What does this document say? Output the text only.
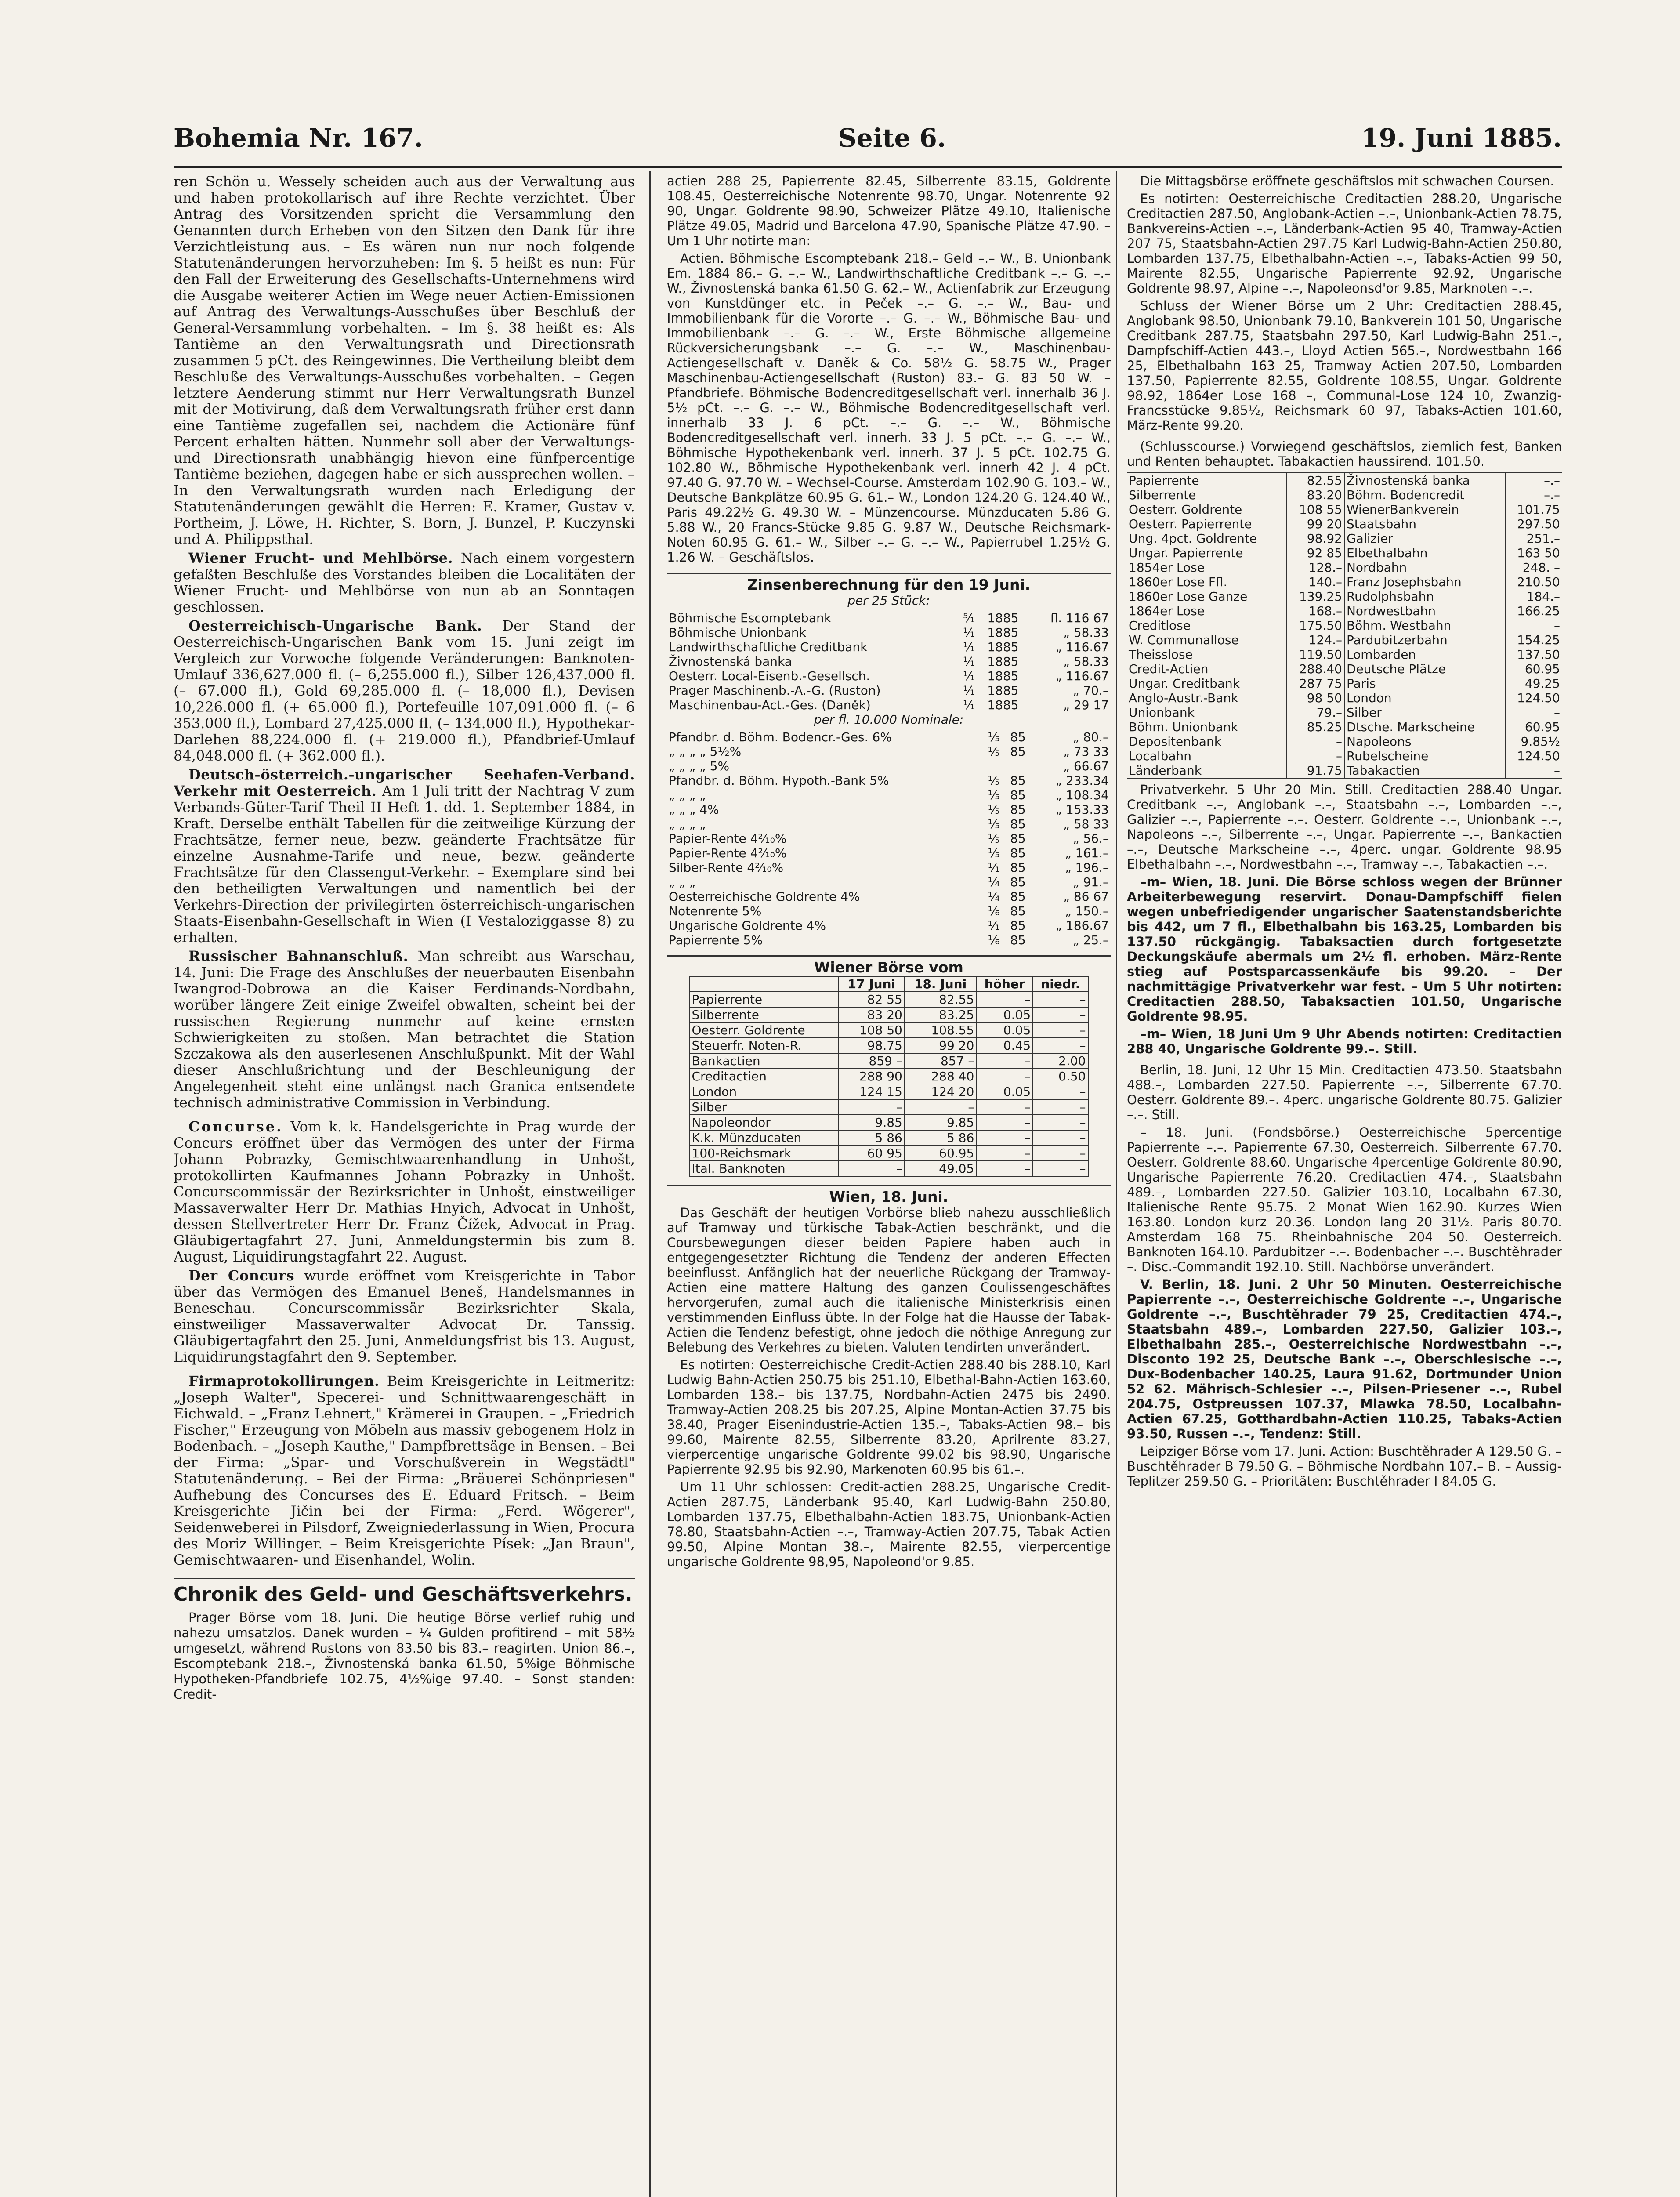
Bohemia Nr. 167.	Seite 6.	19. Juni 1885.

ren Schön u. Wessely scheiden auch aus der Verwaltung aus und haben protokollarisch auf ihre Rechte verzichtet. Über Antrag des Vorsitzenden spricht die Versammlung den Genannten durch Erheben von den Sitzen den Dank für ihre Verzichtleistung aus. – Es wären nun nur noch folgende Statutenänderungen hervorzuheben: Im §. 5 heißt es nun: Für den Fall der Erweiterung des Gesellschafts-Unternehmens wird die Ausgabe weiterer Actien im Wege neuer Actien-Emissionen auf Antrag des Verwaltungs-Ausschußes über Beschluß der General-Versammlung vorbehalten. – Im §. 38 heißt es: Als Tantième an den Verwaltungsrath und Directionsrath zusammen 5 pCt. des Reingewinnes. Die Vertheilung bleibt dem Beschluße des Verwaltungs-Ausschußes vorbehalten. – Gegen letztere Aenderung stimmt nur Herr Verwaltungsrath Bunzel mit der Motivirung, daß dem Verwaltungsrath früher erst dann eine Tantième zugefallen sei, nachdem die Actionäre fünf Percent erhalten hätten. Nunmehr soll aber der Verwaltungs- und Directionsrath unabhängig hievon eine fünfpercentige Tantième beziehen, dagegen habe er sich aussprechen wollen. – In den Verwaltungsrath wurden nach Erledigung der Statutenänderungen gewählt die Herren: E. Kramer, Gustav v. Portheim, J. Löwe, H. Richter, S. Born, J. Bunzel, P. Kuczynski und A. Philippsthal.

Wiener Frucht- und Mehlbörse. Nach einem vorgestern gefaßten Beschluße des Vorstandes bleiben die Localitäten der Wiener Frucht- und Mehlbörse von nun ab an Sonntagen geschlossen.

Oesterreichisch-Ungarische Bank. Der Stand der Oesterreichisch-Ungarischen Bank vom 15. Juni zeigt im Vergleich zur Vorwoche folgende Veränderungen: Banknoten-Umlauf 336,627.000 fl. (– 6,255.000 fl.), Silber 126,437.000 fl. (– 67.000 fl.), Gold 69,285.000 fl. (– 18,000 fl.), Devisen 10,226.000 fl. (+ 65.000 fl.), Portefeuille 107,091.000 fl. (– 6 353.000 fl.), Lombard 27,425.000 fl. (– 134.000 fl.), Hypothekar-Darlehen 88,224.000 fl. (+ 219.000 fl.), Pfandbrief-Umlauf 84,048.000 fl. (+ 362.000 fl.).

Deutsch-österreich.-ungarischer Seehafen-Verband. Verkehr mit Oesterreich. Am 1 Juli tritt der Nachtrag V zum Verbands-Güter-Tarif Theil II Heft 1. dd. 1. September 1884, in Kraft. Derselbe enthält Tabellen für die zeitweilige Kürzung der Frachtsätze, ferner neue, bezw. geänderte Frachtsätze für einzelne Ausnahme-Tarife und neue, bezw. geänderte Frachtsätze für den Classengut-Verkehr. – Exemplare sind bei den betheiligten Verwaltungen und namentlich bei der Verkehrs-Direction der privilegirten österreichisch-ungarischen Staats-Eisenbahn-Gesellschaft in Wien (I Vestaloziggasse 8) zu erhalten.

Russischer Bahnanschluß. Man schreibt aus Warschau, 14. Juni: Die Frage des Anschlußes der neuerbauten Eisenbahn Iwangrod-Dobrowa an die Kaiser Ferdinands-Nordbahn, worüber längere Zeit einige Zweifel obwalten, scheint bei der russischen Regierung nunmehr auf keine ernsten Schwierigkeiten zu stoßen. Man betrachtet die Station Szczakowa als den auserlesenen Anschlußpunkt. Mit der Wahl dieser Anschlußrichtung und der Beschleunigung der Angelegenheit steht eine unlängst nach Granica entsendete technisch administrative Commission in Verbindung.

Concurse. Vom k. k. Handelsgerichte in Prag wurde der Concurs eröffnet über das Vermögen des unter der Firma Johann Pobrazky, Gemischtwaarenhandlung in Unhošt, protokollirten Kaufmannes Johann Pobrazky in Unhošt. Concurscommissär der Bezirksrichter in Unhošt, einstweiliger Massaverwalter Herr Dr. Mathias Hnyich, Advocat in Unhošt, dessen Stellvertreter Herr Dr. Franz Čížek, Advocat in Prag. Gläubigertagfahrt 27. Juni, Anmeldungstermin bis zum 8. August, Liquidirungstagfahrt 22. August.

Der Concurs wurde eröffnet vom Kreisgerichte in Tabor über das Vermögen des Emanuel Beneš, Handelsmannes in Beneschau. Concurscommissär Bezirksrichter Skala, einstweiliger Massaverwalter Advocat Dr. Tanssig. Gläubigertagfahrt den 25. Juni, Anmeldungsfrist bis 13. August, Liquidirungstagfahrt den 9. September.

Firmaprotokollirungen. Beim Kreisgerichte in Leitmeritz: „Joseph Walter", Specerei- und Schnittwaarengeschäft in Eichwald. – „Franz Lehnert," Krämerei in Graupen. – „Friedrich Fischer," Erzeugung von Möbeln aus massiv gebogenem Holz in Bodenbach. – „Joseph Kauthe," Dampfbrettsäge in Bensen. – Bei der Firma: „Spar- und Vorschußverein in Wegstädtl" Statutenänderung. – Bei der Firma: „Bräuerei Schönpriesen" Aufhebung des Concurses des E. Eduard Fritsch. – Beim Kreisgerichte Jičin bei der Firma: „Ferd. Wögerer", Seidenweberei in Pilsdorf, Zweigniederlassung in Wien, Procura des Moriz Willinger. – Beim Kreisgerichte Písek: „Jan Braun", Gemischtwaaren- und Eisenhandel, Wolin.

Chronik des Geld- und Geschäftsverkehrs.

Prager Börse vom 18. Juni. Die heutige Börse verlief ruhig und nahezu umsatzlos. Danek wurden – ¼ Gulden profitirend – mit 58½ umgesetzt, während Rustons von 83.50 bis 83.– reagirten. Union 86.–, Escomptebank 218.–, Živnostenská banka 61.50, 5%ige Böhmische Hypotheken-Pfandbriefe 102.75, 4½%ige 97.40. – Sonst standen: Credit-

actien 288 25, Papierrente 82.45, Silberrente 83.15, Goldrente 108.45, Oesterreichische Notenrente 98.70, Ungar. Notenrente 92 90, Ungar. Goldrente 98.90, Schweizer Plätze 49.10, Italienische Plätze 49.05, Madrid und Barcelona 47.90, Spanische Plätze 47.90. – Um 1 Uhr notirte man:

Actien. Böhmische Escomptebank 218.– Geld –.– W., B. Unionbank Em. 1884 86.– G. –.– W., Landwirthschaftliche Creditbank –.– G. –.– W., Živnostenská banka 61.50 G. 62.– W., Actienfabrik zur Erzeugung von Kunstdünger etc. in Peček –.– G. –.– W., Bau- und Immobilienbank für die Vororte –.– G. –.– W., Böhmische Bau- und Immobilienbank –.– G. –.– W., Erste Böhmische allgemeine Rückversicherungsbank –.– G. –.– W., Maschinenbau-Actiengesellschaft v. Daněk & Co. 58½ G. 58.75 W., Prager Maschinenbau-Actiengesellschaft (Ruston) 83.– G. 83 50 W. – Pfandbriefe. Böhmische Bodencreditgesellschaft verl. innerhalb 36 J. 5½ pCt. –.– G. –.– W., Böhmische Bodencreditgesellschaft verl. innerhalb 33 J. 6 pCt. –.– G. –.– W., Böhmische Bodencreditgesellschaft verl. innerh. 33 J. 5 pCt. –.– G. –.– W., Böhmische Hypothekenbank verl. innerh. 37 J. 5 pCt. 102.75 G. 102.80 W., Böhmische Hypothekenbank verl. innerh 42 J. 4 pCt. 97.40 G. 97.70 W. – Wechsel-Course. Amsterdam 102.90 G. 103.– W., Deutsche Bankplätze 60.95 G. 61.– W., London 124.20 G. 124.40 W., Paris 49.22½ G. 49.30 W. – Münzencourse. Münzducaten 5.86 G. 5.88 W., 20 Francs-Stücke 9.85 G. 9.87 W., Deutsche Reichsmark-Noten 60.95 G. 61.– W., Silber –.– G. –.– W., Papierrubel 1.25½ G. 1.26 W. – Geschäftslos.

Zinsenberechnung für den 19 Juni.
per 25 Stück:
Böhmische Escomptebank	⁵⁄₁	1885	fl. 116 67
Böhmische Unionbank	¹⁄₁	1885	„ 58.33
Landwirthschaftliche Creditbank	¹⁄₁	1885	„ 116.67
Živnostenská banka	¹⁄₁	1885	„ 58.33
Oesterr. Local-Eisenb.-Gesellsch.	¹⁄₁	1885	„ 116.67
Prager Maschinenb.-A.-G. (Ruston)	¹⁄₁	1885	„ 70.–
Maschinenbau-Act.-Ges. (Daněk)	¹⁄₁	1885	„ 29 17
per fl. 10.000 Nominale:
Pfandbr. d. Böhm. Bodencr.-Ges. 6%	¹⁄₅	85	„ 80.–
„ „ „ „ 5½%	¹⁄₅	85	„ 73 33
„ „ „ „ 5%			„ 66.67
Pfandbr. d. Böhm. Hypoth.-Bank 5%	¹⁄₅	85	„ 233.34
„ „ „ „	¹⁄₅	85	„ 108.34
„ „ „ 4%	¹⁄₅	85	„ 153.33
„ „ „ „	¹⁄₅	85	„ 58 33
Papier-Rente 4²⁄₁₀%	¹⁄₅	85	„ 56.–
Papier-Rente 4²⁄₁₀%	¹⁄₅	85	„ 161.–
Silber-Rente 4²⁄₁₀%	¹⁄₁	85	„ 196.–
„ „ „	¹⁄₄	85	„ 91.–
Oesterreichische Goldrente 4%	¹⁄₄	85	„ 86 67
Notenrente 5%	¹⁄₆	85	„ 150.–
Ungarische Goldrente 4%	¹⁄₁	85	„ 186.67
Papierrente 5%	¹⁄₆	85	„ 25.–
Wiener Börse vom
	17 Juni	18. Juni	höher	niedr.
Papierrente	82 55	82.55	–	–
Silberrente	83 20	83.25	0.05	–
Oesterr. Goldrente	108 50	108.55	0.05	–
Steuerfr. Noten-R.	98.75	99 20	0.45	–
Bankactien	859 –	857 –	–	2.00
Creditactien	288 90	288 40	–	0.50
London	124 15	124 20	0.05	–
Silber	–	–	–	–
Napoleondor	9.85	9.85	–	–
K.k. Münzducaten	5 86	5 86	–	–
100-Reichsmark	60 95	60.95	–	–
Ital. Banknoten	–	49.05	–	–
Wien, 18. Juni.

Das Geschäft der heutigen Vorbörse blieb nahezu ausschließlich auf Tramway und türkische Tabak-Actien beschränkt, und die Coursbewegungen dieser beiden Papiere haben auch in entgegengesetzter Richtung die Tendenz der anderen Effecten beeinflusst. Anfänglich hat der neuerliche Rückgang der Tramway-Actien eine mattere Haltung des ganzen Coulissengeschäftes hervorgerufen, zumal auch die italienische Ministerkrisis einen verstimmenden Einfluss übte. In der Folge hat die Hausse der Tabak-Actien die Tendenz befestigt, ohne jedoch die nöthige Anregung zur Belebung des Verkehres zu bieten. Valuten tendirten unverändert.

Es notirten: Oesterreichische Credit-Actien 288.40 bis 288.10, Karl Ludwig Bahn-Actien 250.75 bis 251.10, Elbethal-Bahn-Actien 163.60, Lombarden 138.– bis 137.75, Nordbahn-Actien 2475 bis 2490. Tramway-Actien 208.25 bis 207.25, Alpine Montan-Actien 37.75 bis 38.40, Prager Eisenindustrie-Actien 135.–, Tabaks-Actien 98.– bis 99.60, Mairente 82.55, Silberrente 83.20, Aprilrente 83.27, vierpercentige ungarische Goldrente 99.02 bis 98.90, Ungarische Papierrente 92.95 bis 92.90, Markenoten 60.95 bis 61.–.

Um 11 Uhr schlossen: Credit-actien 288.25, Ungarische Credit-Actien 287.75, Länderbank 95.40, Karl Ludwig-Bahn 250.80, Lombarden 137.75, Elbethalbahn-Actien 183.75, Unionbank-Actien 78.80, Staatsbahn-Actien –.–, Tramway-Actien 207.75, Tabak Actien 99.50, Alpine Montan 38.–, Mairente 82.55, vierpercentige ungarische Goldrente 98,95, Napoleond'or 9.85.

Die Mittagsbörse eröffnete geschäftslos mit schwachen Coursen.

Es notirten: Oesterreichische Creditactien 288.20, Ungarische Creditactien 287.50, Anglobank-Actien –.–, Unionbank-Actien 78.75, Bankvereins-Actien –.–, Länderbank-Actien 95 40, Tramway-Actien 207 75, Staatsbahn-Actien 297.75 Karl Ludwig-Bahn-Actien 250.80, Lombarden 137.75, Elbethalbahn-Actien –.–, Tabaks-Actien 99 50, Mairente 82.55, Ungarische Papierrente 92.92, Ungarische Goldrente 98.97, Alpine –.–, Napoleonsd'or 9.85, Marknoten –.–.

Schluss der Wiener Börse um 2 Uhr: Creditactien 288.45, Anglobank 98.50, Unionbank 79.10, Bankverein 101 50, Ungarische Creditbank 287.75, Staatsbahn 297.50, Karl Ludwig-Bahn 251.–, Dampfschiff-Actien 443.–, Lloyd Actien 565.–, Nordwestbahn 166 25, Elbethalbahn 163 25, Tramway Actien 207.50, Lombarden 137.50, Papierrente 82.55, Goldrente 108.55, Ungar. Goldrente 98.92, 1864er Lose 168 –, Communal-Lose 124 10, Zwanzig-Francsstücke 9.85½, Reichsmark 60 97, Tabaks-Actien 101.60, März-Rente 99.20.

(Schlusscourse.) Vorwiegend geschäftslos, ziemlich fest, Banken und Renten behauptet. Tabakactien haussirend. 101.50.

Papierrente	82.55	Živnostenská banka	–.–
Silberrente	83.20	Böhm. Bodencredit	–.–
Oesterr. Goldrente	108 55	WienerBankverein	101.75
Oesterr. Papierrente	99 20	Staatsbahn	297.50
Ung. 4pct. Goldrente	98.92	Galizier	251.–
Ungar. Papierrente	92 85	Elbethalbahn	163 50
1854er Lose	128.–	Nordbahn	248. –
1860er Lose Ffl.	140.–	Franz Josephsbahn	210.50
1860er Lose Ganze	139.25	Rudolphsbahn	184.–
1864er Lose	168.–	Nordwestbahn	166.25
Creditlose	175.50	Böhm. Westbahn	–
W. Communallose	124.–	Pardubitzerbahn	154.25
Theisslose	119.50	Lombarden	137.50
Credit-Actien	288.40	Deutsche Plätze	60.95
Ungar. Creditbank	287 75	Paris	49.25
Anglo-Austr.-Bank	98 50	London	124.50
Unionbank	79.–	Silber	–
Böhm. Unionbank	85.25	Dtsche. Markscheine	60.95
Depositenbank	–	Napoleons	9.85½
Localbahn	–	Rubelscheine	124.50
Länderbank	91.75	Tabakactien	–

Privatverkehr. 5 Uhr 20 Min. Still. Creditactien 288.40 Ungar. Creditbank –.–, Anglobank –.–, Staatsbahn –.–, Lombarden –.–, Galizier –.–, Papierrente –.–. Oesterr. Goldrente –.–, Unionbank –.–, Napoleons –.–, Silberrente –.–, Ungar. Papierrente –.–, Bankactien –.–, Deutsche Markscheine –.–, 4perc. ungar. Goldrente 98.95 Elbethalbahn –.–, Nordwestbahn –.–, Tramway –.–, Tabakactien –.–.

–m– Wien, 18. Juni. Die Börse schloss wegen der Brünner Arbeiterbewegung reservirt. Donau-Dampfschiff fielen wegen unbefriedigender ungarischer Saatenstandsberichte bis 442, um 7 fl., Elbethalbahn bis 163.25, Lombarden bis 137.50 rückgängig. Tabaksactien durch fortgesetzte Deckungskäufe abermals um 2½ fl. erhoben. März-Rente stieg auf Postsparcassenkäufe bis 99.20. – Der nachmittägige Privatverkehr war fest. – Um 5 Uhr notirten: Creditactien 288.50, Tabaksactien 101.50, Ungarische Goldrente 98.95.

–m– Wien, 18 Juni Um 9 Uhr Abends notirten: Creditactien 288 40, Ungarische Goldrente 99.–. Still.

Berlin, 18. Juni, 12 Uhr 15 Min. Creditactien 473.50. Staatsbahn 488.–, Lombarden 227.50. Papierrente –.–, Silberrente 67.70. Oesterr. Goldrente 89.–. 4perc. ungarische Goldrente 80.75. Galizier –.–. Still.

– 18. Juni. (Fondsbörse.) Oesterreichische 5percentige Papierrente –.–. Papierrente 67.30, Oesterreich. Silberrente 67.70. Oesterr. Goldrente 88.60. Ungarische 4percentige Goldrente 80.90, Ungarische Papierrente 76.20. Creditactien 474.–, Staatsbahn 489.–, Lombarden 227.50. Galizier 103.10, Localbahn 67.30, Italienische Rente 95.75. 2 Monat Wien 162.90. Kurzes Wien 163.80. London kurz 20.36. London lang 20 31½. Paris 80.70. Amsterdam 168 75. Rheinbahnische 204 50. Oesterreich. Banknoten 164.10. Pardubitzer –.–. Bodenbacher –.–. Buschtěhrader –. Disc.-Commandit 192.10. Still. Nachbörse unverändert.

V. Berlin, 18. Juni. 2 Uhr 50 Minuten. Oesterreichische Papierrente –.–, Oesterreichische Goldrente –.–, Ungarische Goldrente –.–, Buschtěhrader 79 25, Creditactien 474.–, Staatsbahn 489.–, Lombarden 227.50, Galizier 103.–, Elbethalbahn 285.–, Oesterreichische Nordwestbahn –.–, Disconto 192 25, Deutsche Bank –.–, Oberschlesische –.–, Dux-Bodenbacher 140.25, Laura 91.62, Dortmunder Union 52 62. Mährisch-Schlesier –.–, Pilsen-Priesener –.–, Rubel 204.75, Ostpreussen 107.37, Mlawka 78.50, Localbahn-Actien 67.25, Gotthardbahn-Actien 110.25, Tabaks-Actien 93.50, Russen –.–, Tendenz: Still.

Leipziger Börse vom 17. Juni. Action: Buschtěhrader A 129.50 G. – Buschtěhrader B 79.50 G. – Böhmische Nordbahn 107.– B. – Aussig-Teplitzer 259.50 G. – Prioritäten: Buschtěhrader I 84.05 G.
